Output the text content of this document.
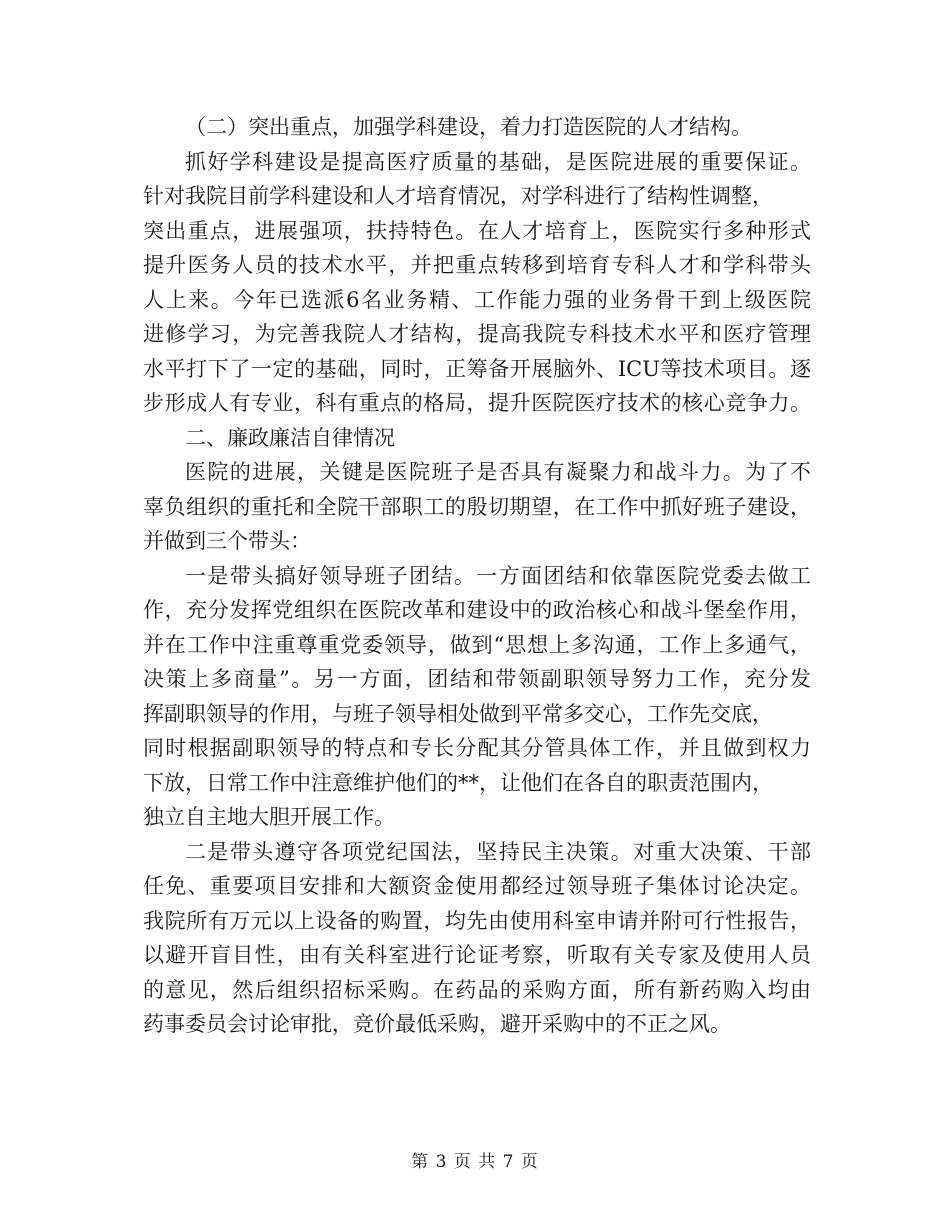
（二）突出重点，加强学科建设，着力打造医院的人才结构。
抓好学科建设是提高医疗质量的基础，是医院进展的重要保证。
针对我院目前学科建设和人才培育情况，对学科进行了结构性调整，
突出重点，进展强项，扶持特色。在人才培育上，医院实行多种形式
提升医务人员的技术水平，并把重点转移到培育专科人才和学科带头
人上来。今年已选派6名业务精、工作能力强的业务骨干到上级医院
进修学习，为完善我院人才结构，提高我院专科技术水平和医疗管理
水平打下了一定的基础，同时，正筹备开展脑外、ICU等技术项目。逐
步形成人有专业，科有重点的格局，提升医院医疗技术的核心竞争力。
二、廉政廉洁自律情况
医院的进展，关键是医院班子是否具有凝聚力和战斗力。为了不
辜负组织的重托和全院干部职工的殷切期望，在工作中抓好班子建设，
并做到三个带头：
一是带头搞好领导班子团结。一方面团结和依靠医院党委去做工
作，充分发挥党组织在医院改革和建设中的政治核心和战斗堡垒作用，
并在工作中注重尊重党委领导，做到“思想上多沟通，工作上多通气，
决策上多商量”。另一方面，团结和带领副职领导努力工作，充分发
挥副职领导的作用，与班子领导相处做到平常多交心，工作先交底，
同时根据副职领导的特点和专长分配其分管具体工作，并且做到权力
下放，日常工作中注意维护他们的**，让他们在各自的职责范围内，
独立自主地大胆开展工作。
二是带头遵守各项党纪国法，坚持民主决策。对重大决策、干部
任免、重要项目安排和大额资金使用都经过领导班子集体讨论决定。
我院所有万元以上设备的购置，均先由使用科室申请并附可行性报告，
以避开盲目性，由有关科室进行论证考察，听取有关专家及使用人员
的意见，然后组织招标采购。在药品的采购方面，所有新药购入均由
药事委员会讨论审批，竞价最低采购，避开采购中的不正之风。
第 3 页 共 7 页
